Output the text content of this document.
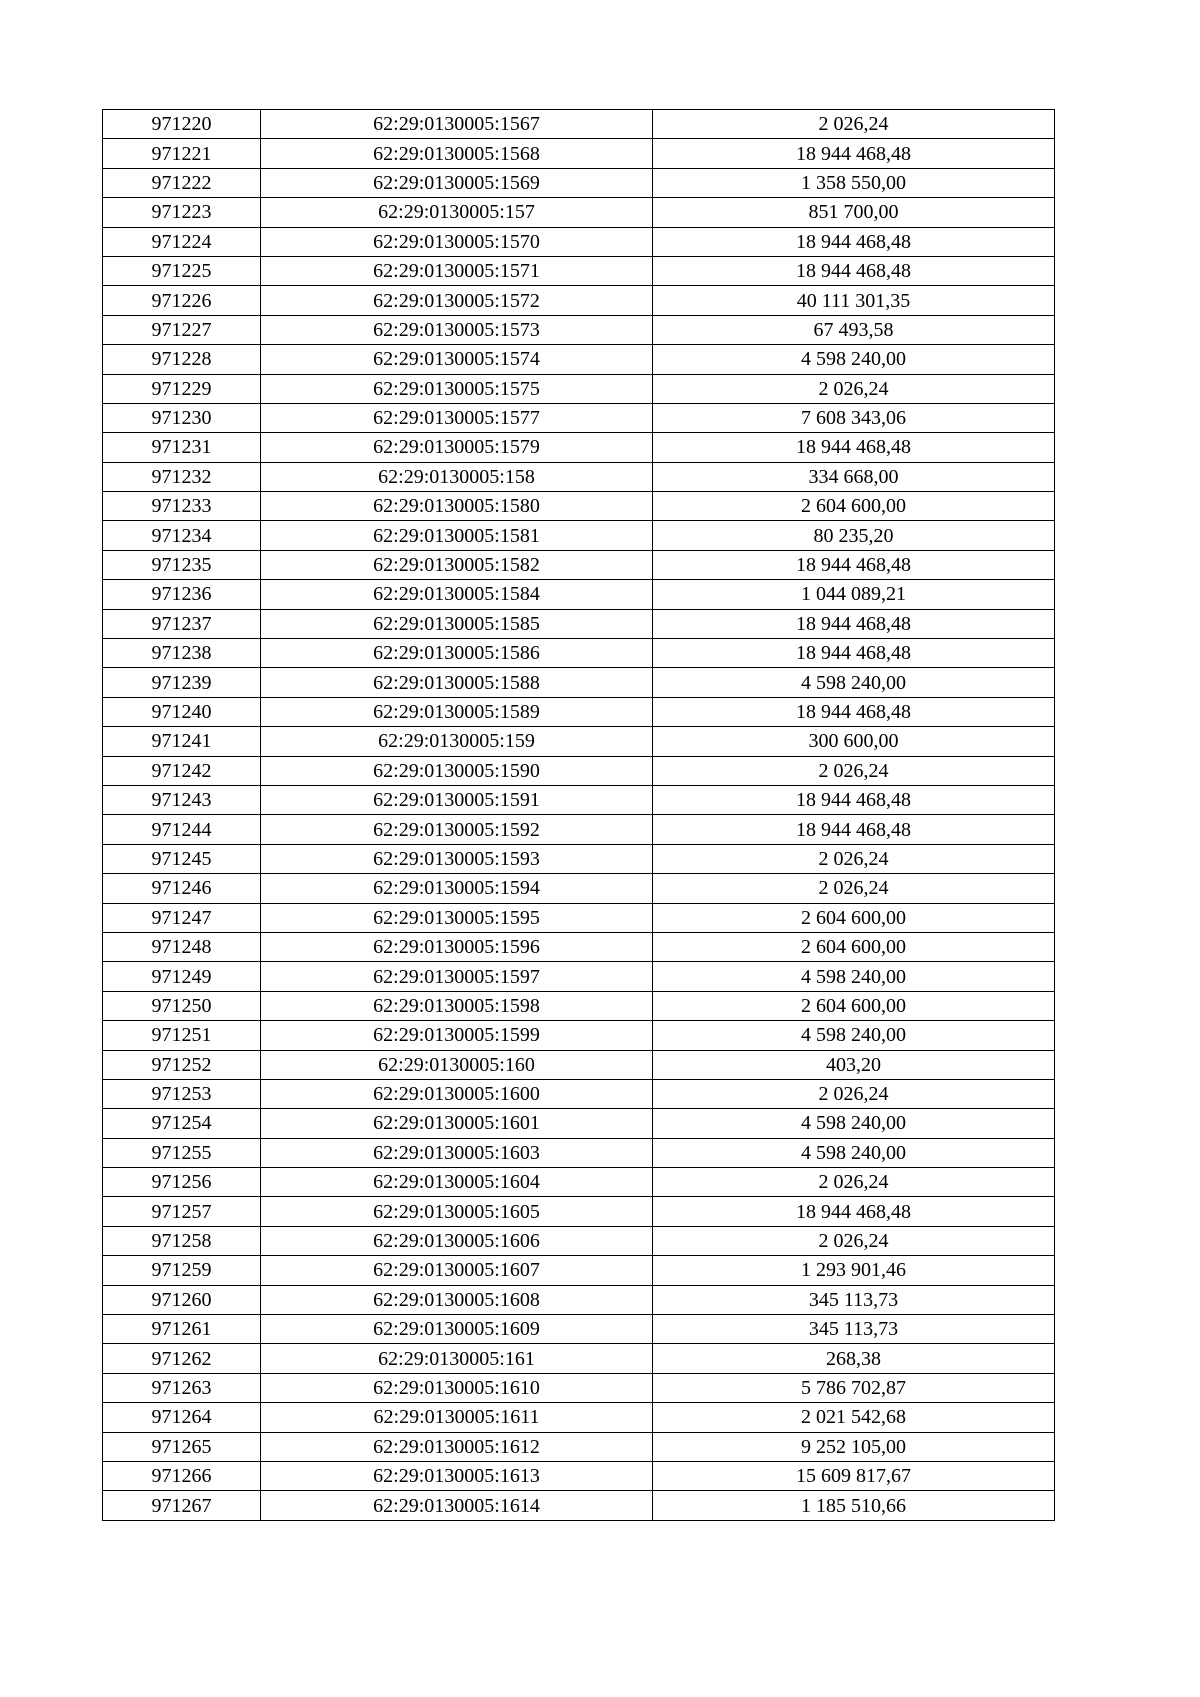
971220	62:29:0130005:1567	2 026,24
971221	62:29:0130005:1568	18 944 468,48
971222	62:29:0130005:1569	1 358 550,00
971223	62:29:0130005:157	851 700,00
971224	62:29:0130005:1570	18 944 468,48
971225	62:29:0130005:1571	18 944 468,48
971226	62:29:0130005:1572	40 111 301,35
971227	62:29:0130005:1573	67 493,58
971228	62:29:0130005:1574	4 598 240,00
971229	62:29:0130005:1575	2 026,24
971230	62:29:0130005:1577	7 608 343,06
971231	62:29:0130005:1579	18 944 468,48
971232	62:29:0130005:158	334 668,00
971233	62:29:0130005:1580	2 604 600,00
971234	62:29:0130005:1581	80 235,20
971235	62:29:0130005:1582	18 944 468,48
971236	62:29:0130005:1584	1 044 089,21
971237	62:29:0130005:1585	18 944 468,48
971238	62:29:0130005:1586	18 944 468,48
971239	62:29:0130005:1588	4 598 240,00
971240	62:29:0130005:1589	18 944 468,48
971241	62:29:0130005:159	300 600,00
971242	62:29:0130005:1590	2 026,24
971243	62:29:0130005:1591	18 944 468,48
971244	62:29:0130005:1592	18 944 468,48
971245	62:29:0130005:1593	2 026,24
971246	62:29:0130005:1594	2 026,24
971247	62:29:0130005:1595	2 604 600,00
971248	62:29:0130005:1596	2 604 600,00
971249	62:29:0130005:1597	4 598 240,00
971250	62:29:0130005:1598	2 604 600,00
971251	62:29:0130005:1599	4 598 240,00
971252	62:29:0130005:160	403,20
971253	62:29:0130005:1600	2 026,24
971254	62:29:0130005:1601	4 598 240,00
971255	62:29:0130005:1603	4 598 240,00
971256	62:29:0130005:1604	2 026,24
971257	62:29:0130005:1605	18 944 468,48
971258	62:29:0130005:1606	2 026,24
971259	62:29:0130005:1607	1 293 901,46
971260	62:29:0130005:1608	345 113,73
971261	62:29:0130005:1609	345 113,73
971262	62:29:0130005:161	268,38
971263	62:29:0130005:1610	5 786 702,87
971264	62:29:0130005:1611	2 021 542,68
971265	62:29:0130005:1612	9 252 105,00
971266	62:29:0130005:1613	15 609 817,67
971267	62:29:0130005:1614	1 185 510,66
